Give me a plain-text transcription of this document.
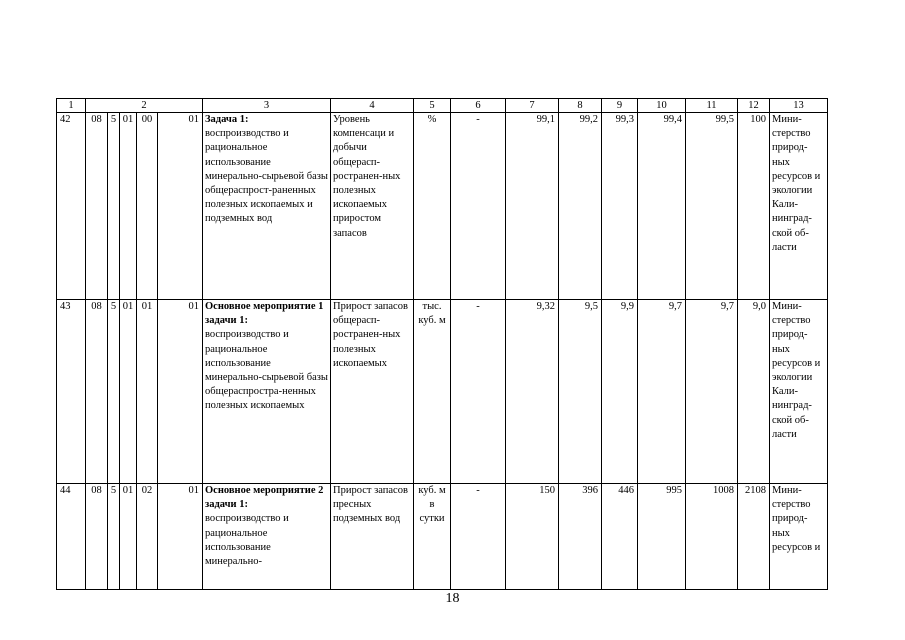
1	2						3	4	5	6	7	8	9	10	11	12	13
42	08	5	01	00		01	Задача 1:
воспроизводство и рациональное использование минерально-сырьевой базы общераспрост-раненных полезных ископаемых и подземных вод	Уровень компенсаци и добычи общерасп-ространен-ных полезных ископаемых приростом запасов	%	-	99,1	99,2	99,3	99,4	99,5	100	Мини-стерство природ-ных ресурсов и экологии Кали-нинград-ской об-ласти
43	08	5	01	01		01	Основное мероприятие 1 задачи 1:
воспроизводство и рациональное использование минерально-сырьевой базы общераспростра-ненных полезных ископаемых	Прирост запасов общерасп-ространен-ных полезных ископаемых	тыс. куб. м	-	9,32	9,5	9,9	9,7	9,7	9,0	Мини-стерство природ-ных ресурсов и экологии Кали-нинград-ской об-ласти
44	08	5	01	02		01	Основное мероприятие 2 задачи 1:
воспроизводство и рациональное использование минерально-	Прирост запасов пресных подземных вод	куб. м в сутки	-	150	396	446	995	1008	2108	Мини-стерство природ-ных ресурсов и
18
